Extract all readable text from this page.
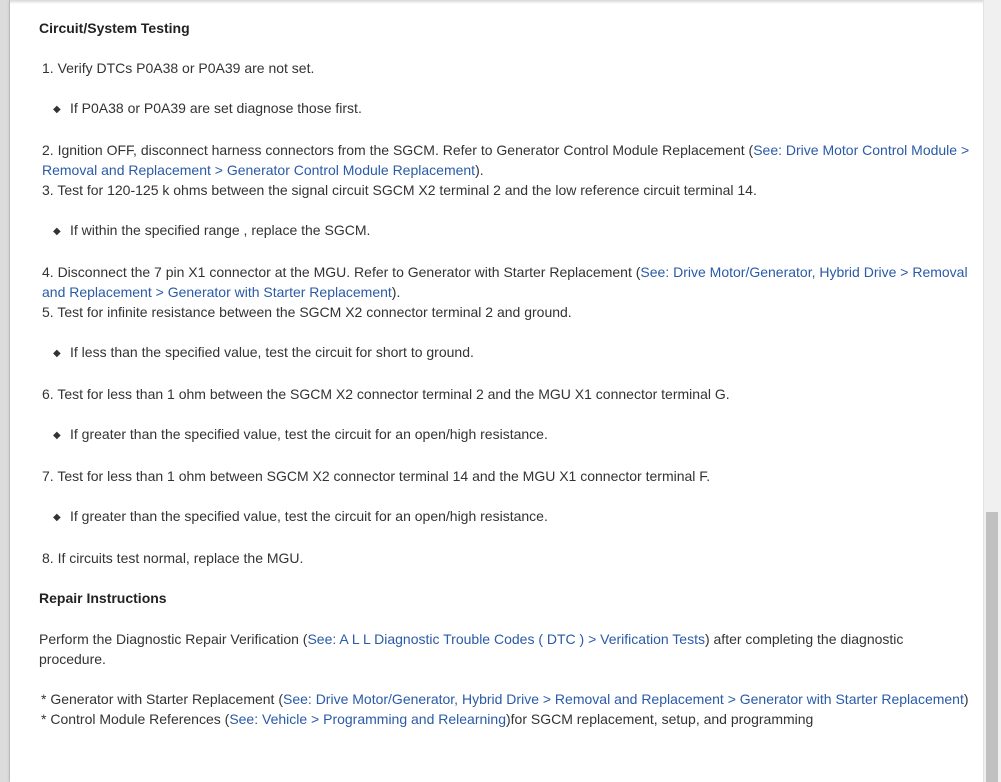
Circuit/System Testing

1. Verify DTCs P0A38 or P0A39 are not set.

◆ If P0A38 or P0A39 are set diagnose those first.

2. Ignition OFF, disconnect harness connectors from the SGCM. Refer to Generator Control Module Replacement (See: Drive Motor Control Module > Removal and Replacement > Generator Control Module Replacement).

3. Test for 120-125 k ohms between the signal circuit SGCM X2 terminal 2 and the low reference circuit terminal 14.

◆ If within the specified range , replace the SGCM.

4. Disconnect the 7 pin X1 connector at the MGU. Refer to Generator with Starter Replacement (See: Drive Motor/Generator, Hybrid Drive > Removal and Replacement > Generator with Starter Replacement).

5. Test for infinite resistance between the SGCM X2 connector terminal 2 and ground.

◆ If less than the specified value, test the circuit for short to ground.

6. Test for less than 1 ohm between the SGCM X2 connector terminal 2 and the MGU X1 connector terminal G.

◆ If greater than the specified value, test the circuit for an open/high resistance.

7. Test for less than 1 ohm between SGCM X2 connector terminal 14 and the MGU X1 connector terminal F.

◆ If greater than the specified value, test the circuit for an open/high resistance.

8. If circuits test normal, replace the MGU.

Repair Instructions

Perform the Diagnostic Repair Verification (See: A L L Diagnostic Trouble Codes ( DTC ) > Verification Tests) after completing the diagnostic procedure.

* Generator with Starter Replacement (See: Drive Motor/Generator, Hybrid Drive > Removal and Replacement > Generator with Starter Replacement)

* Control Module References (See: Vehicle > Programming and Relearning)for SGCM replacement, setup, and programming
